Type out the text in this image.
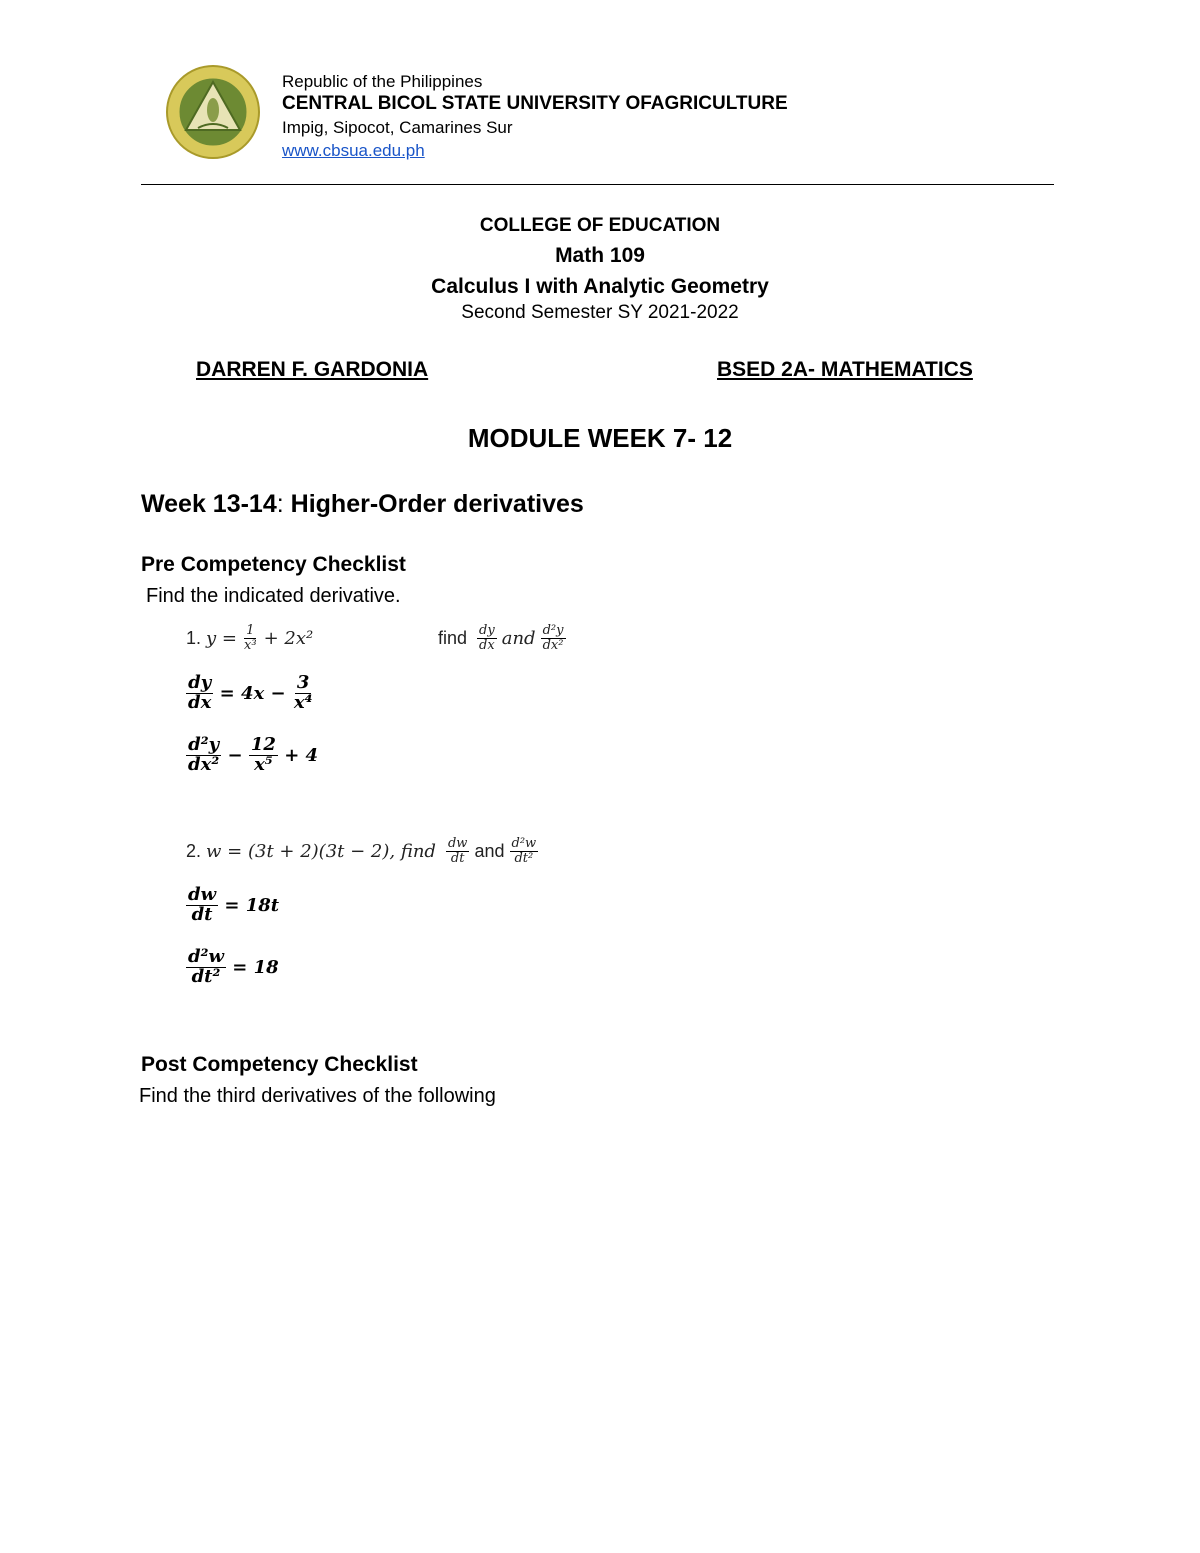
Republic of the Philippines
CENTRAL BICOL STATE UNIVERSITY OFAGRICULTURE
Impig, Sipocot, Camarines Sur
www.cbsua.edu.ph
COLLEGE OF EDUCATION
Math 109
Calculus I with Analytic Geometry
Second Semester SY 2021-2022
DARREN F. GARDONIA	BSED 2A- MATHEMATICS
MODULE WEEK 7- 12
Week 13-14: Higher-Order derivatives
Pre Competency Checklist
Find the indicated derivative.
1.
y =
$\frac{1}{\text{x³}}$
+ 2x²	find
$\frac{dy}{dx}$
and
$\frac{\text{d²y}}{\text{dx²}}$
$\frac{dy}{dx}$
= 4x −
$\frac{3}{\text{x⁴}}$
$\frac{\text{d²y}}{\text{dx²}}$
−
$\frac{12}{\text{x⁵}}$
+ 4
2.
w = (3t + 2)(3t − 2), find
$\frac{dw}{dt}$
and
$\frac{\text{d²w}}{\text{dt²}}$
$\frac{dw}{dt}$
= 18t
$\frac{\text{d²w}}{\text{dt²}}$
= 18
Post Competency Checklist
Find the third derivatives of the following
